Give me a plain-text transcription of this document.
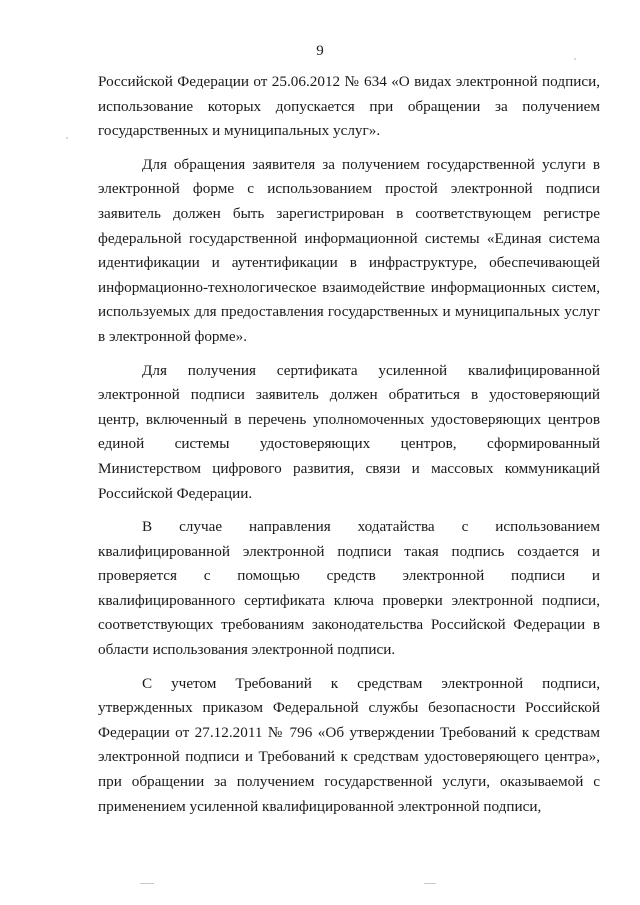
9

Российской Федерации от 25.06.2012 № 634 «О видах электронной подписи, использование которых допускается при обращении за получением государственных и муниципальных услуг».

Для обращения заявителя за получением государственной услуги в электронной форме с использованием простой электронной подписи заявитель должен быть зарегистрирован в соответствующем регистре федеральной государственной информационной системы «Единая система идентификации и аутентификации в инфраструктуре, обеспечивающей информационно-технологическое взаимодействие информационных систем, используемых для предоставления государственных и муниципальных услуг в электронной форме».

Для получения сертификата усиленной квалифицированной электронной подписи заявитель должен обратиться в удостоверяющий центр, включенный в перечень уполномоченных удостоверяющих центров единой системы удостоверяющих центров, сформированный Министерством цифрового развития, связи и массовых коммуникаций Российской Федерации.

В случае направления ходатайства с использованием квалифицированной электронной подписи такая подпись создается и проверяется с помощью средств электронной подписи и квалифицированного сертификата ключа проверки электронной подписи, соответствующих требованиям законодательства Российской Федерации в области использования электронной подписи.

С учетом Требований к средствам электронной подписи, утвержденных приказом Федеральной службы безопасности Российской Федерации от 27.12.2011 № 796 «Об утверждении Требований к средствам электронной подписи и Требований к средствам удостоверяющего центра», при обращении за получением государственной услуги, оказываемой с применением усиленной квалифицированной электронной подписи,
